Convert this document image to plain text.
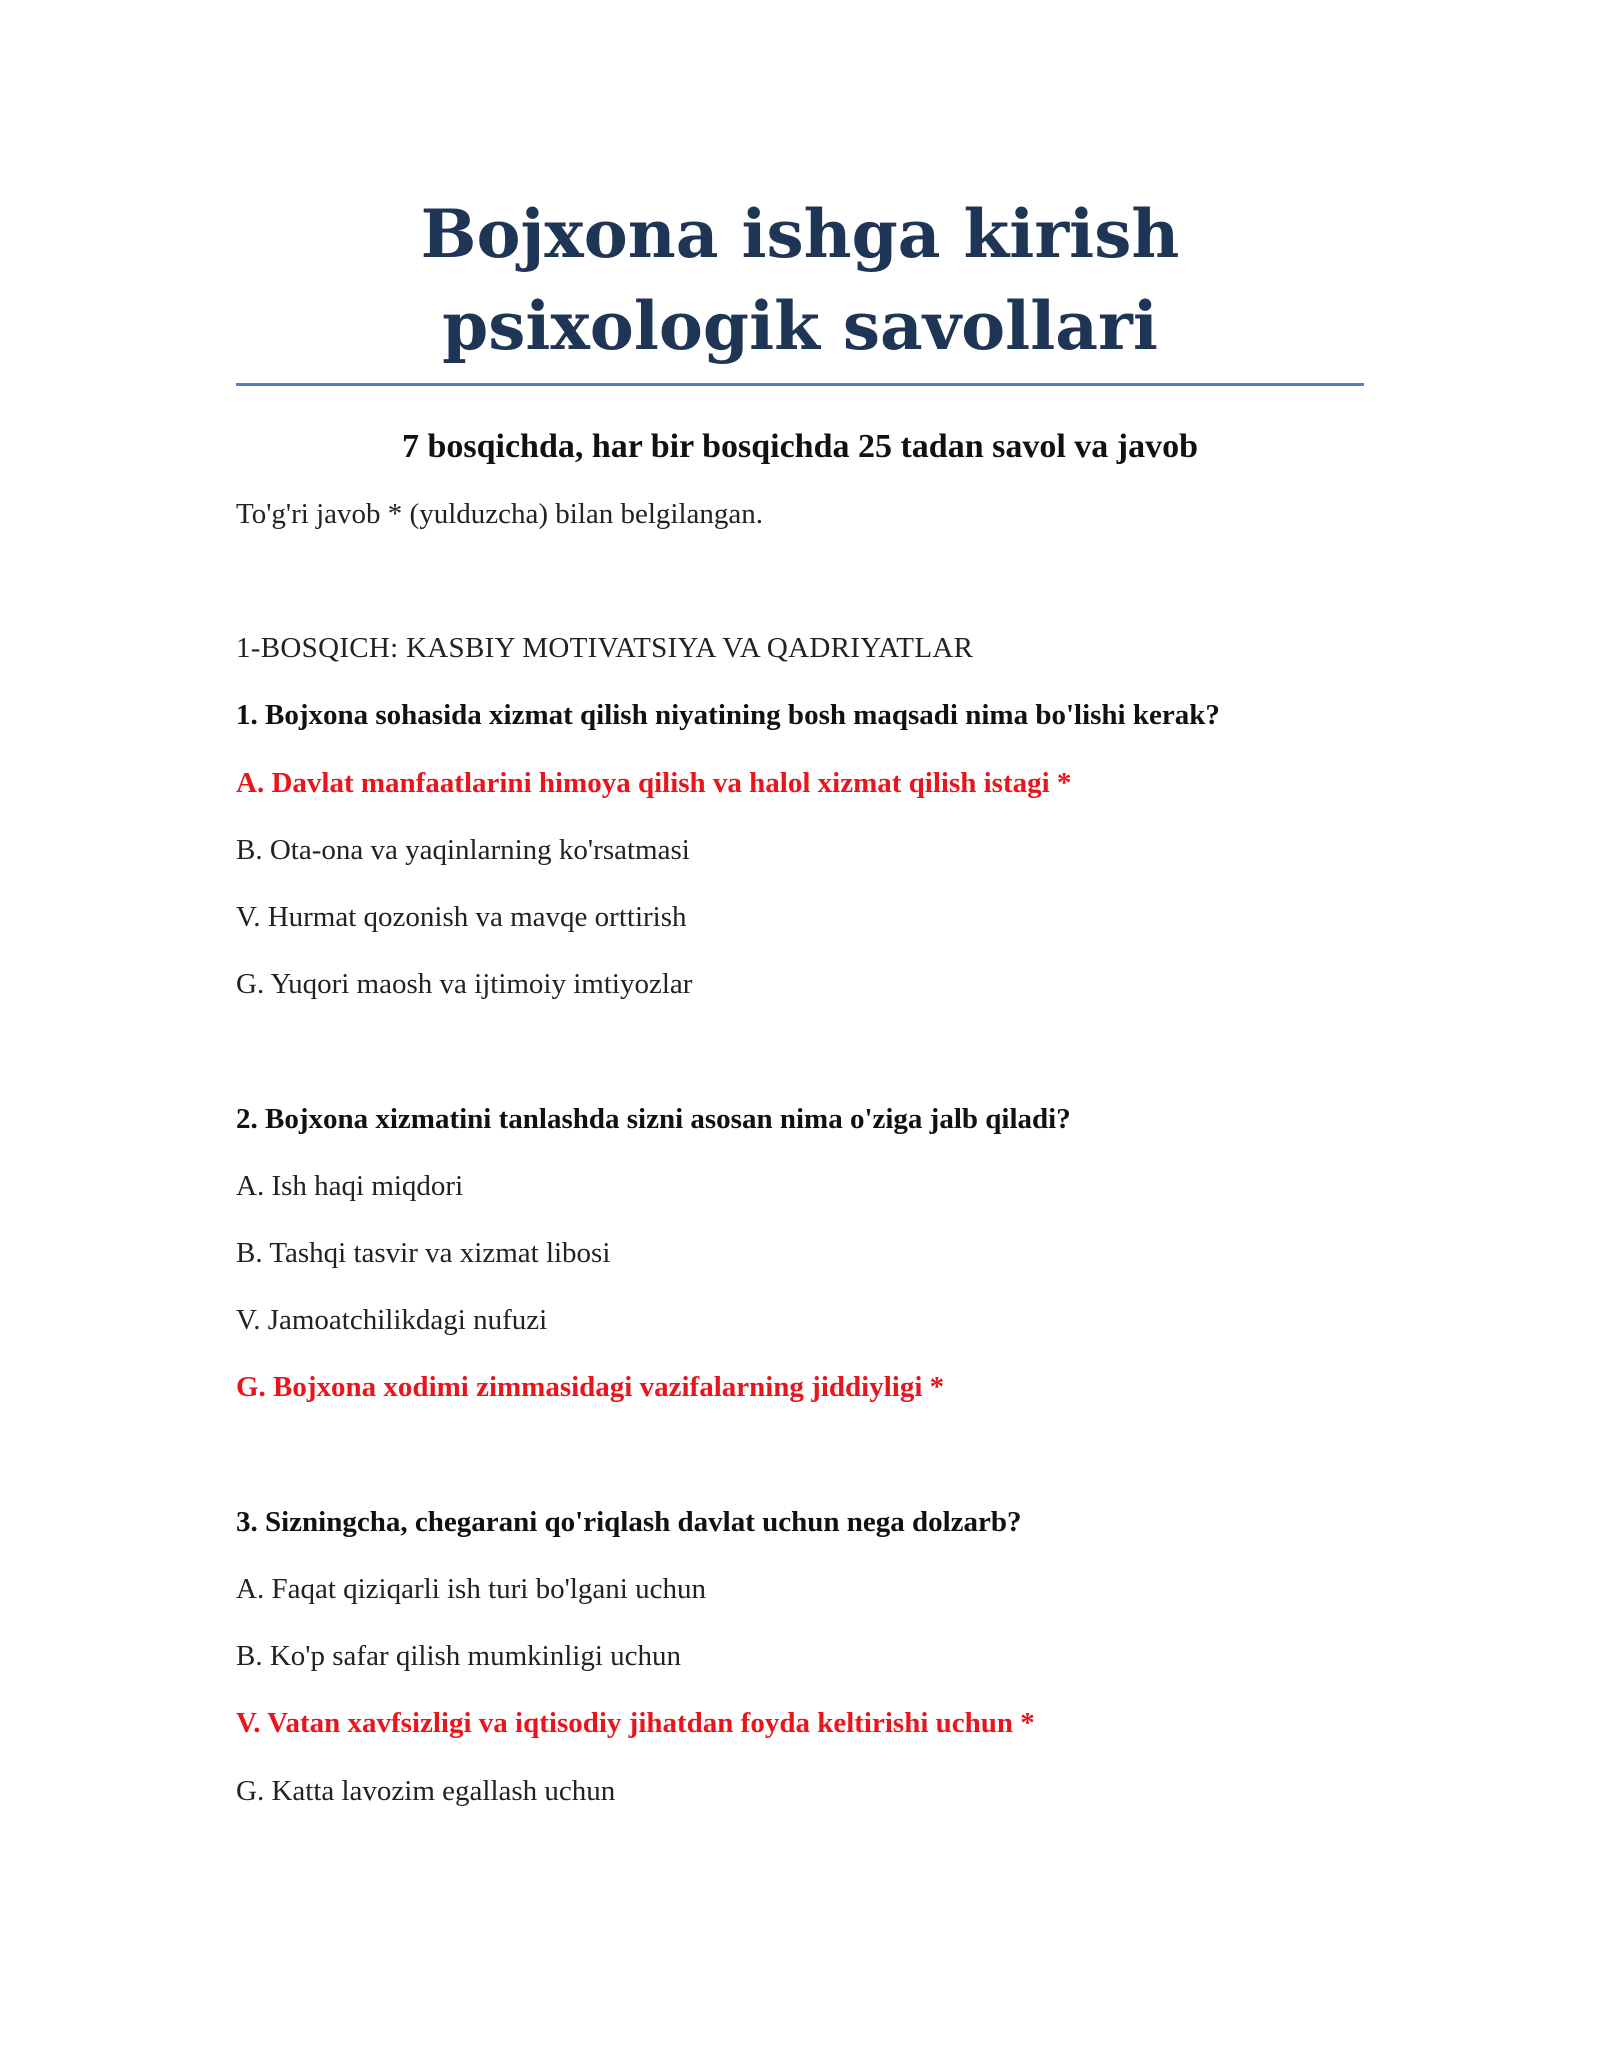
Bojxona ishga kirish psixologik savollari
7 bosqichda, har bir bosqichda 25 tadan savol va javob

To'g'ri javob * (yulduzcha) bilan belgilangan.

1-BOSQICH: KASBIY MOTIVATSIYA VA QADRIYATLAR

1. Bojxona sohasida xizmat qilish niyatining bosh maqsadi nima bo'lishi kerak?

A. Davlat manfaatlarini himoya qilish va halol xizmat qilish istagi *

B. Ota-ona va yaqinlarning ko'rsatmasi

V. Hurmat qozonish va mavqe orttirish

G. Yuqori maosh va ijtimoiy imtiyozlar

2. Bojxona xizmatini tanlashda sizni asosan nima o'ziga jalb qiladi?

A. Ish haqi miqdori

B. Tashqi tasvir va xizmat libosi

V. Jamoatchilikdagi nufuzi

G. Bojxona xodimi zimmasidagi vazifalarning jiddiyligi *

3. Sizningcha, chegarani qo'riqlash davlat uchun nega dolzarb?

A. Faqat qiziqarli ish turi bo'lgani uchun

B. Ko'p safar qilish mumkinligi uchun

V. Vatan xavfsizligi va iqtisodiy jihatdan foyda keltirishi uchun *

G. Katta lavozim egallash uchun
